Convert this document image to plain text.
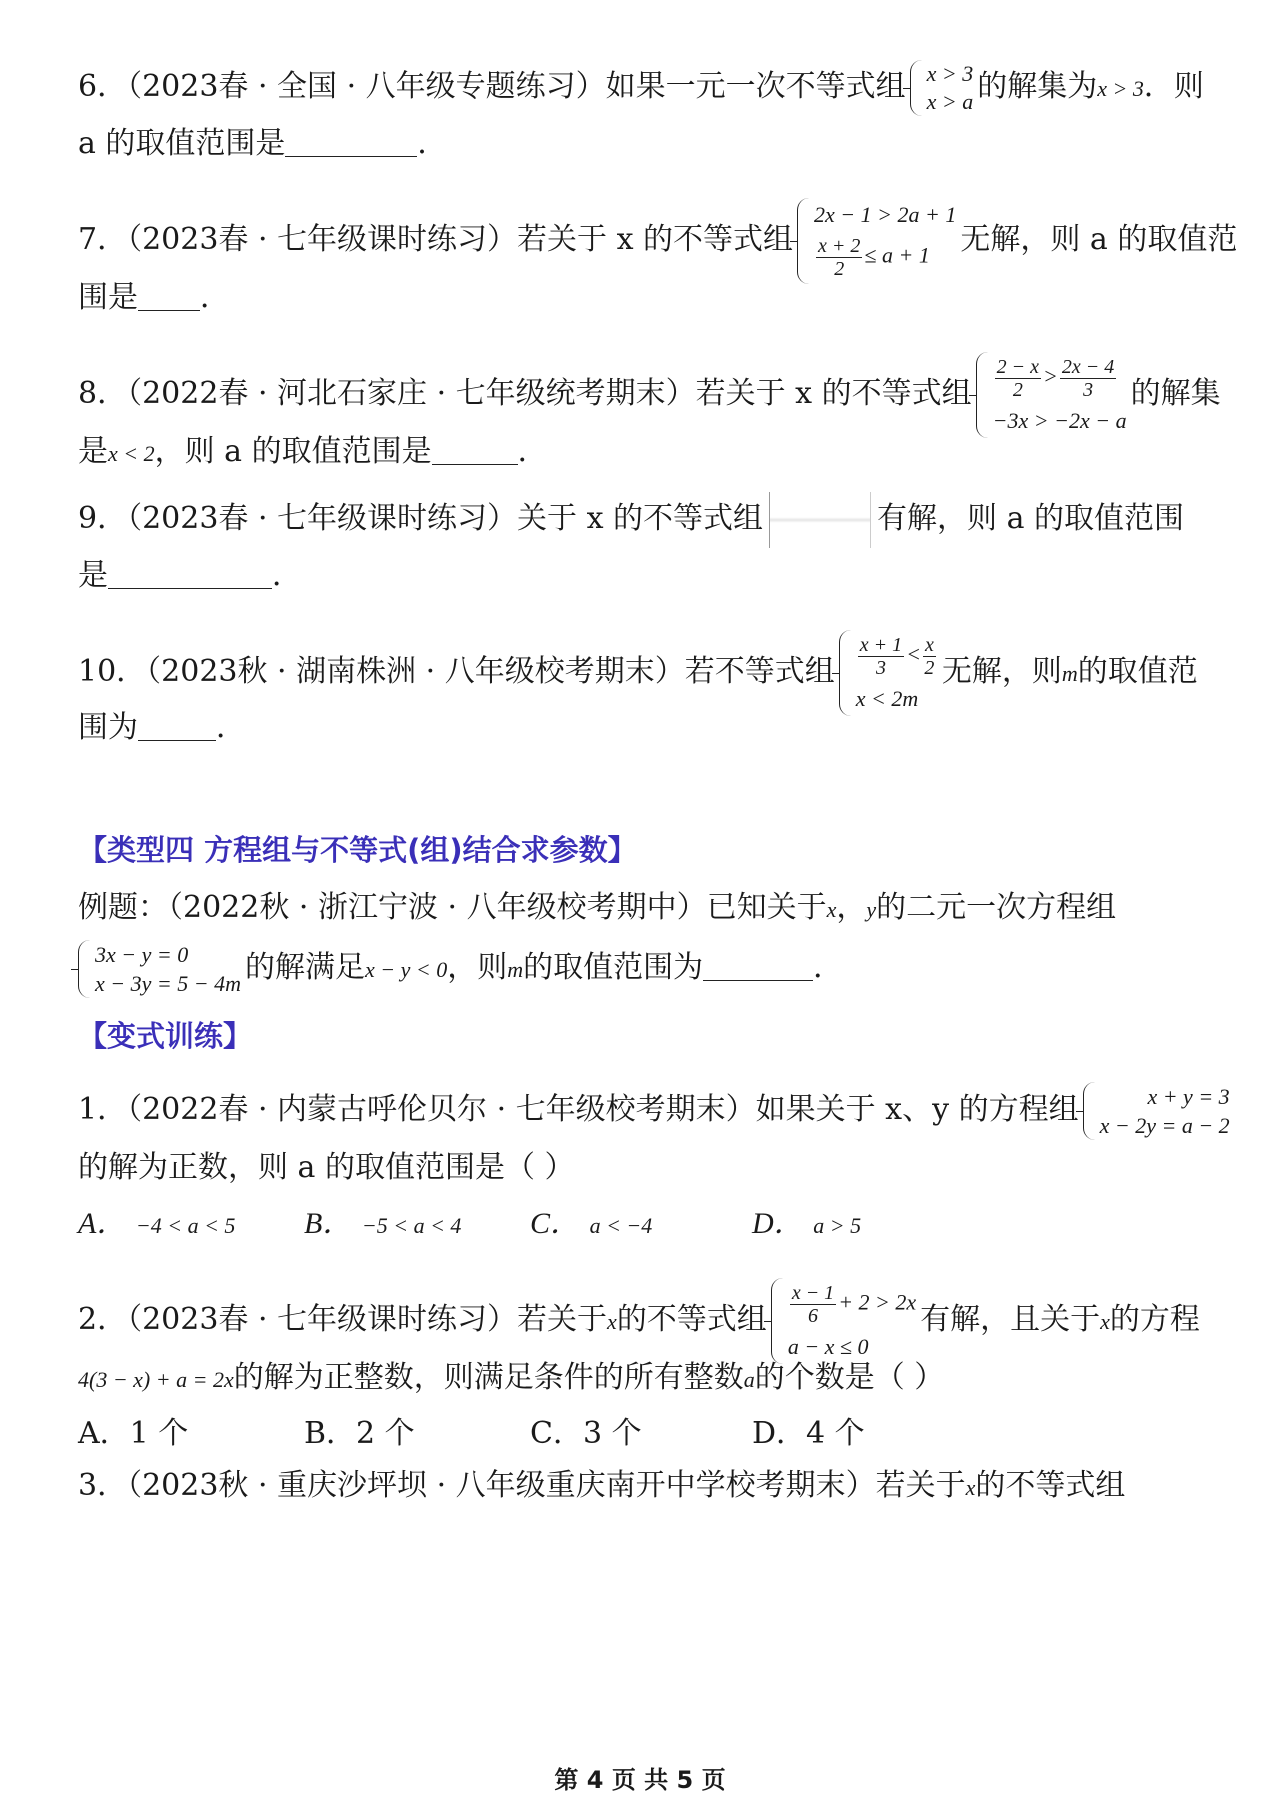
6．（2023春 · 全国 · 八年级专题练习）如果一元一次不等式组 x > 3
x > a 的解集为x > 3．则
a 的取值范围是	．
7．（2023春 · 七年级课时练习）若关于 x 的不等式组
2x − 1 > 2a + 1
$\frac{x + 2}{2} \le a + 1$	无解，则 a 的取值范
围是 ．
8．（2022春 · 河北石家庄 · 七年级统考期末）若关于 x 的不等式组 $\frac{2 - x}{2} > \frac{2x - 4}{3}$
−3x > −2x − a
的解集
是x < 2，则 a 的取值范围是	．
9．（2023春 · 七年级课时练习）关于 x 的不等式组	有解，则 a 的取值范围
是	．
10．（2023秋 · 湖南株洲 · 八年级校考期末）若不等式组 $\frac{x + 1}{3} < \frac{x}{2}$
x < 2m
无解，则m的取值范
围为	．
【类型四 方程组与不等式(组)结合求参数】
例题：（2022秋 · 浙江宁波 · 八年级校考期中）已知关于x，y的二元一次方程组
3x − y = 0
x − 3y = 5 − 4m 的解满足x − y < 0，则m的取值范围为	．
【变式训练】
1．（2022春 · 内蒙古呼伦贝尔 · 七年级校考期末）如果关于 x、y 的方程组	x + y = 3
x − 2y = a − 2
的解为正数，则 a 的取值范围是（ ）
A． −4 < a < 5 B． −5 < a < 4 C． a < −4	D． a > 5
2．（2023春 · 七年级课时练习）若关于x的不等式组 $\frac{x - 1}{6} + 2 > 2x$
a − x ≤ 0
有解，且关于x的方程
4(3 − x) + a = 2x的解为正整数，则满足条件的所有整数a的个数是（ ）
A．1 个	B．2 个	C．3 个	D．4 个
3．（2023秋 · 重庆沙坪坝 · 八年级重庆南开中学校考期末）若关于x的不等式组
第 4 页 共 5 页
